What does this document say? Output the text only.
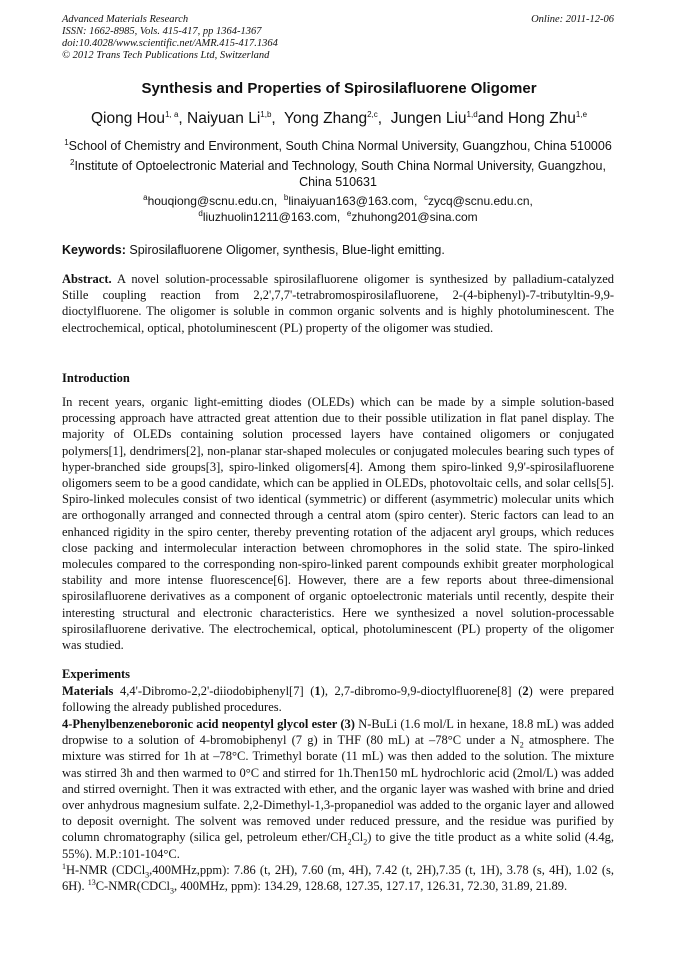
Advanced Materials Research
ISSN: 1662-8985, Vols. 415-417, pp 1364-1367
doi:10.4028/www.scientific.net/AMR.415-417.1364
© 2012 Trans Tech Publications Ltd, Switzerland
Online: 2011-12-06
Synthesis and Properties of Spirosilafluorene Oligomer
Qiong Hou$^{1, a}$, Naiyuan Li$^{1,b}$,  Yong Zhang$^{2,c}$,  Jungen Liu$^{1,d}$and Hong Zhu$^{1,e}$
$^1$School of Chemistry and Environment, South China Normal University, Guangzhou, China 510006
$^2$Institute of Optoelectronic Material and Technology, South China Normal University, Guangzhou, China 510631
$^a$houqiong@scnu.edu.cn,  $^b$linaiyuan163@163.com,  $^c$zycq@scnu.edu.cn,
$^d$liuzhuolin1211@163.com,  $^e$zhuhong201@sina.com
Keywords: Spirosilafluorene Oligomer, synthesis, Blue-light emitting.
Abstract. A novel solution-processable spirosilafluorene oligomer is synthesized by palladium-catalyzed Stille coupling reaction from 2,2',7,7'-tetrabromospirosilafluorene, 2-(4-biphenyl)-7-tributyltin-9,9-dioctylfluorene. The oligomer is soluble in common organic solvents and is highly photoluminescent. The electrochemical, optical, photoluminescent (PL) property of the oligomer was studied.
Introduction
In recent years, organic light-emitting diodes (OLEDs) which can be made by a simple solution-based processing approach have attracted great attention due to their possible utilization in flat panel display. The majority of OLEDs containing solution processed layers have contained oligomers or conjugated polymers[1], dendrimers[2], non-planar star-shaped molecules or conjugated molecules bearing such types of hyper-branched side groups[3], spiro-linked oligomers[4]. Among them spiro-linked 9,9'-spirosilafluorene oligomers seem to be a good candidate, which can be applied in OLEDs, photovoltaic cells, and solar cells[5]. Spiro-linked molecules consist of two identical (symmetric) or different (asymmetric) molecular units which are orthogonally arranged and connected through a central atom (spiro center). Steric factors can lead to an enhanced rigidity in the spiro center, thereby preventing rotation of the adjacent aryl groups, which reduces close packing and intermolecular interaction between chromophores in the solid state. The spiro-linked molecules compared to the corresponding non-spiro-linked parent compounds exhibit greater morphological stability and more intense fluorescence[6]. However, there are a few reports about three-dimensional spirosilafluorene derivatives as a component of organic optoelectronic materials until recently, despite their interesting structural and electronic characteristics. Here we synthesized a novel solution-processable spirosilafluorene derivative. The electrochemical, optical, photoluminescent (PL) property of the oligomer was studied.
Experiments
Materials 4,4'-Dibromo-2,2'-diiodobiphenyl[7] (1), 2,7-dibromo-9,9-dioctylfluorene[8] (2) were prepared following the already published procedures.
4-Phenylbenzeneboronic acid neopentyl glycol ester (3) N-BuLi (1.6 mol/L in hexane, 18.8 mL) was added dropwise to a solution of 4-bromobiphenyl (7 g) in THF (80 mL) at –78°C under a $N_2$ atmosphere. The mixture was stirred for 1h at –78°C. Trimethyl borate (11 mL) was then added to the solution. The mixture was stirred 3h and then warmed to 0°C and stirred for 1h.Then150 mL hydrochloric acid (2mol/L) was added and stirred overnight. Then it was extracted with ether, and the organic layer was washed with brine and dried over anhydrous magnesium sulfate. 2,2-Dimethyl-1,3-propanediol was added to the organic layer and allowed to deposit overnight. The solvent was removed under reduced pressure, and the residue was purified by column chromatography (silica gel, petroleum ether/$CH_2Cl_2$) to give the title product as a white solid (4.4g, 55%). M.P.:101-104°C.
$^1$H-NMR (CDCl$_3$,400MHz,ppm): 7.86 (t, 2H), 7.60 (m, 4H), 7.42 (t, 2H),7.35 (t, 1H), 3.78 (s, 4H), 1.02 (s, 6H). $^{13}$C-NMR(CDCl$_3$, 400MHz, ppm): 134.29, 128.68, 127.35, 127.17, 126.31, 72.30, 31.89, 21.89.
